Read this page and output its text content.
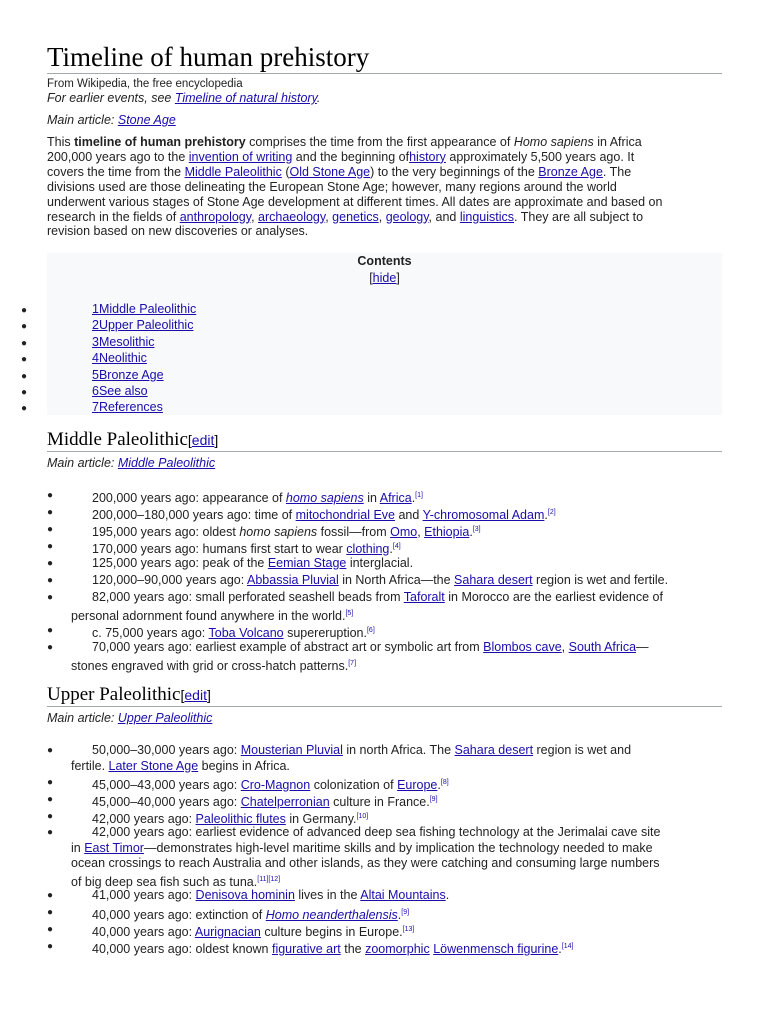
Timeline of human prehistory
From Wikipedia, the free encyclopedia
For earlier events, see Timeline of natural history.
Main article: Stone Age
This timeline of human prehistory comprises the time from the first appearance of Homo sapiens in Africa
200,000 years ago to the invention of writing and the beginning ofhistory approximately 5,500 years ago. It
covers the time from the Middle Paleolithic (Old Stone Age) to the very beginnings of the Bronze Age. The
divisions used are those delineating the European Stone Age; however, many regions around the world
underwent various stages of Stone Age development at different times. All dates are approximate and based on
research in the fields of anthropology, archaeology, genetics, geology, and linguistics. They are all subject to
revision based on new discoveries or analyses.
Contents
[hide]
●	1Middle Paleolithic
●	2Upper Paleolithic
●	3Mesolithic
●	4Neolithic
●	5Bronze Age
●	6See also
●	7References
Middle Paleolithic[edit]
Main article: Middle Paleolithic
●	200,000 years ago: appearance of homo sapiens in Africa.[1]
●	200,000–180,000 years ago: time of mitochondrial Eve and Y-chromosomal Adam.[2]
●	195,000 years ago: oldest homo sapiens fossil—from Omo, Ethiopia.[3]
●	170,000 years ago: humans first start to wear clothing.[4]
●	125,000 years ago: peak of the Eemian Stage interglacial.
●	120,000–90,000 years ago: Abbassia Pluvial in North Africa—the Sahara desert region is wet and fertile.
●	82,000 years ago: small perforated seashell beads from Taforalt in Morocco are the earliest evidence of
personal adornment found anywhere in the world.[5]
●	c. 75,000 years ago: Toba Volcano supereruption.[6]
●	70,000 years ago: earliest example of abstract art or symbolic art from Blombos cave, South Africa—
stones engraved with grid or cross-hatch patterns.[7]
Upper Paleolithic[edit]
Main article: Upper Paleolithic
●	50,000–30,000 years ago: Mousterian Pluvial in north Africa. The Sahara desert region is wet and
fertile. Later Stone Age begins in Africa.
●	45,000–43,000 years ago: Cro-Magnon colonization of Europe.[8]
●	45,000–40,000 years ago: Chatelperronian culture in France.[9]
●	42,000 years ago: Paleolithic flutes in Germany.[10]
●	42,000 years ago: earliest evidence of advanced deep sea fishing technology at the Jerimalai cave site
in East Timor—demonstrates high-level maritime skills and by implication the technology needed to make
ocean crossings to reach Australia and other islands, as they were catching and consuming large numbers
of big deep sea fish such as tuna.[11][12]
●	41,000 years ago: Denisova hominin lives in the Altai Mountains.
●	40,000 years ago: extinction of Homo neanderthalensis.[9]
●	40,000 years ago: Aurignacian culture begins in Europe.[13]
●	40,000 years ago: oldest known figurative art the zoomorphic Löwenmensch figurine.[14]
